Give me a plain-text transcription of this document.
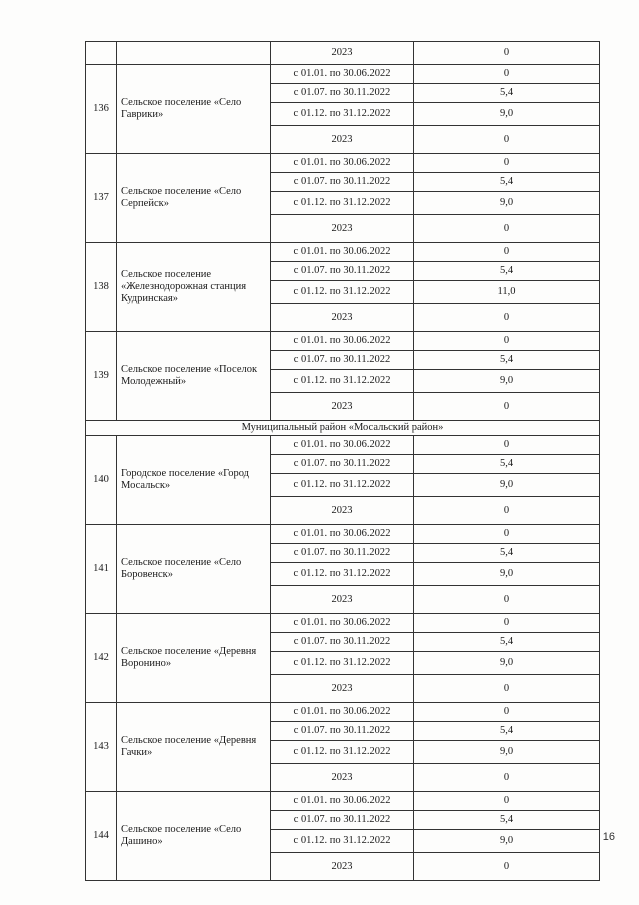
		2023	0
136	Сельское поселение «Село Гаврики»	с 01.01. по 30.06.2022	0
		с 01.07. по 30.11.2022	5,4
		с 01.12. по 31.12.2022	9,0
		2023	0
137	Сельское поселение «Село Серпейск»	с 01.01. по 30.06.2022	0
		с 01.07. по 30.11.2022	5,4
		с 01.12. по 31.12.2022	9,0
		2023	0
138	Сельское поселение «Железнодорожная станция Кудринская»	с 01.01. по 30.06.2022	0
		с 01.07. по 30.11.2022	5,4
		с 01.12. по 31.12.2022	11,0
		2023	0
139	Сельское поселение «Поселок Молодежный»	с 01.01. по 30.06.2022	0
		с 01.07. по 30.11.2022	5,4
		с 01.12. по 31.12.2022	9,0
		2023	0
Муниципальный район «Мосальский район»			
140	Городское поселение «Город Мосальск»	с 01.01. по 30.06.2022	0
		с 01.07. по 30.11.2022	5,4
		с 01.12. по 31.12.2022	9,0
		2023	0
141	Сельское поселение «Село Боровенск»	с 01.01. по 30.06.2022	0
		с 01.07. по 30.11.2022	5,4
		с 01.12. по 31.12.2022	9,0
		2023	0
142	Сельское поселение «Деревня Воронино»	с 01.01. по 30.06.2022	0
		с 01.07. по 30.11.2022	5,4
		с 01.12. по 31.12.2022	9,0
		2023	0
143	Сельское поселение «Деревня Гачки»	с 01.01. по 30.06.2022	0
		с 01.07. по 30.11.2022	5,4
		с 01.12. по 31.12.2022	9,0
		2023	0
144	Сельское поселение «Село Дашино»	с 01.01. по 30.06.2022	0
		с 01.07. по 30.11.2022	5,4
		с 01.12. по 31.12.2022	9,0
		2023	0
16
